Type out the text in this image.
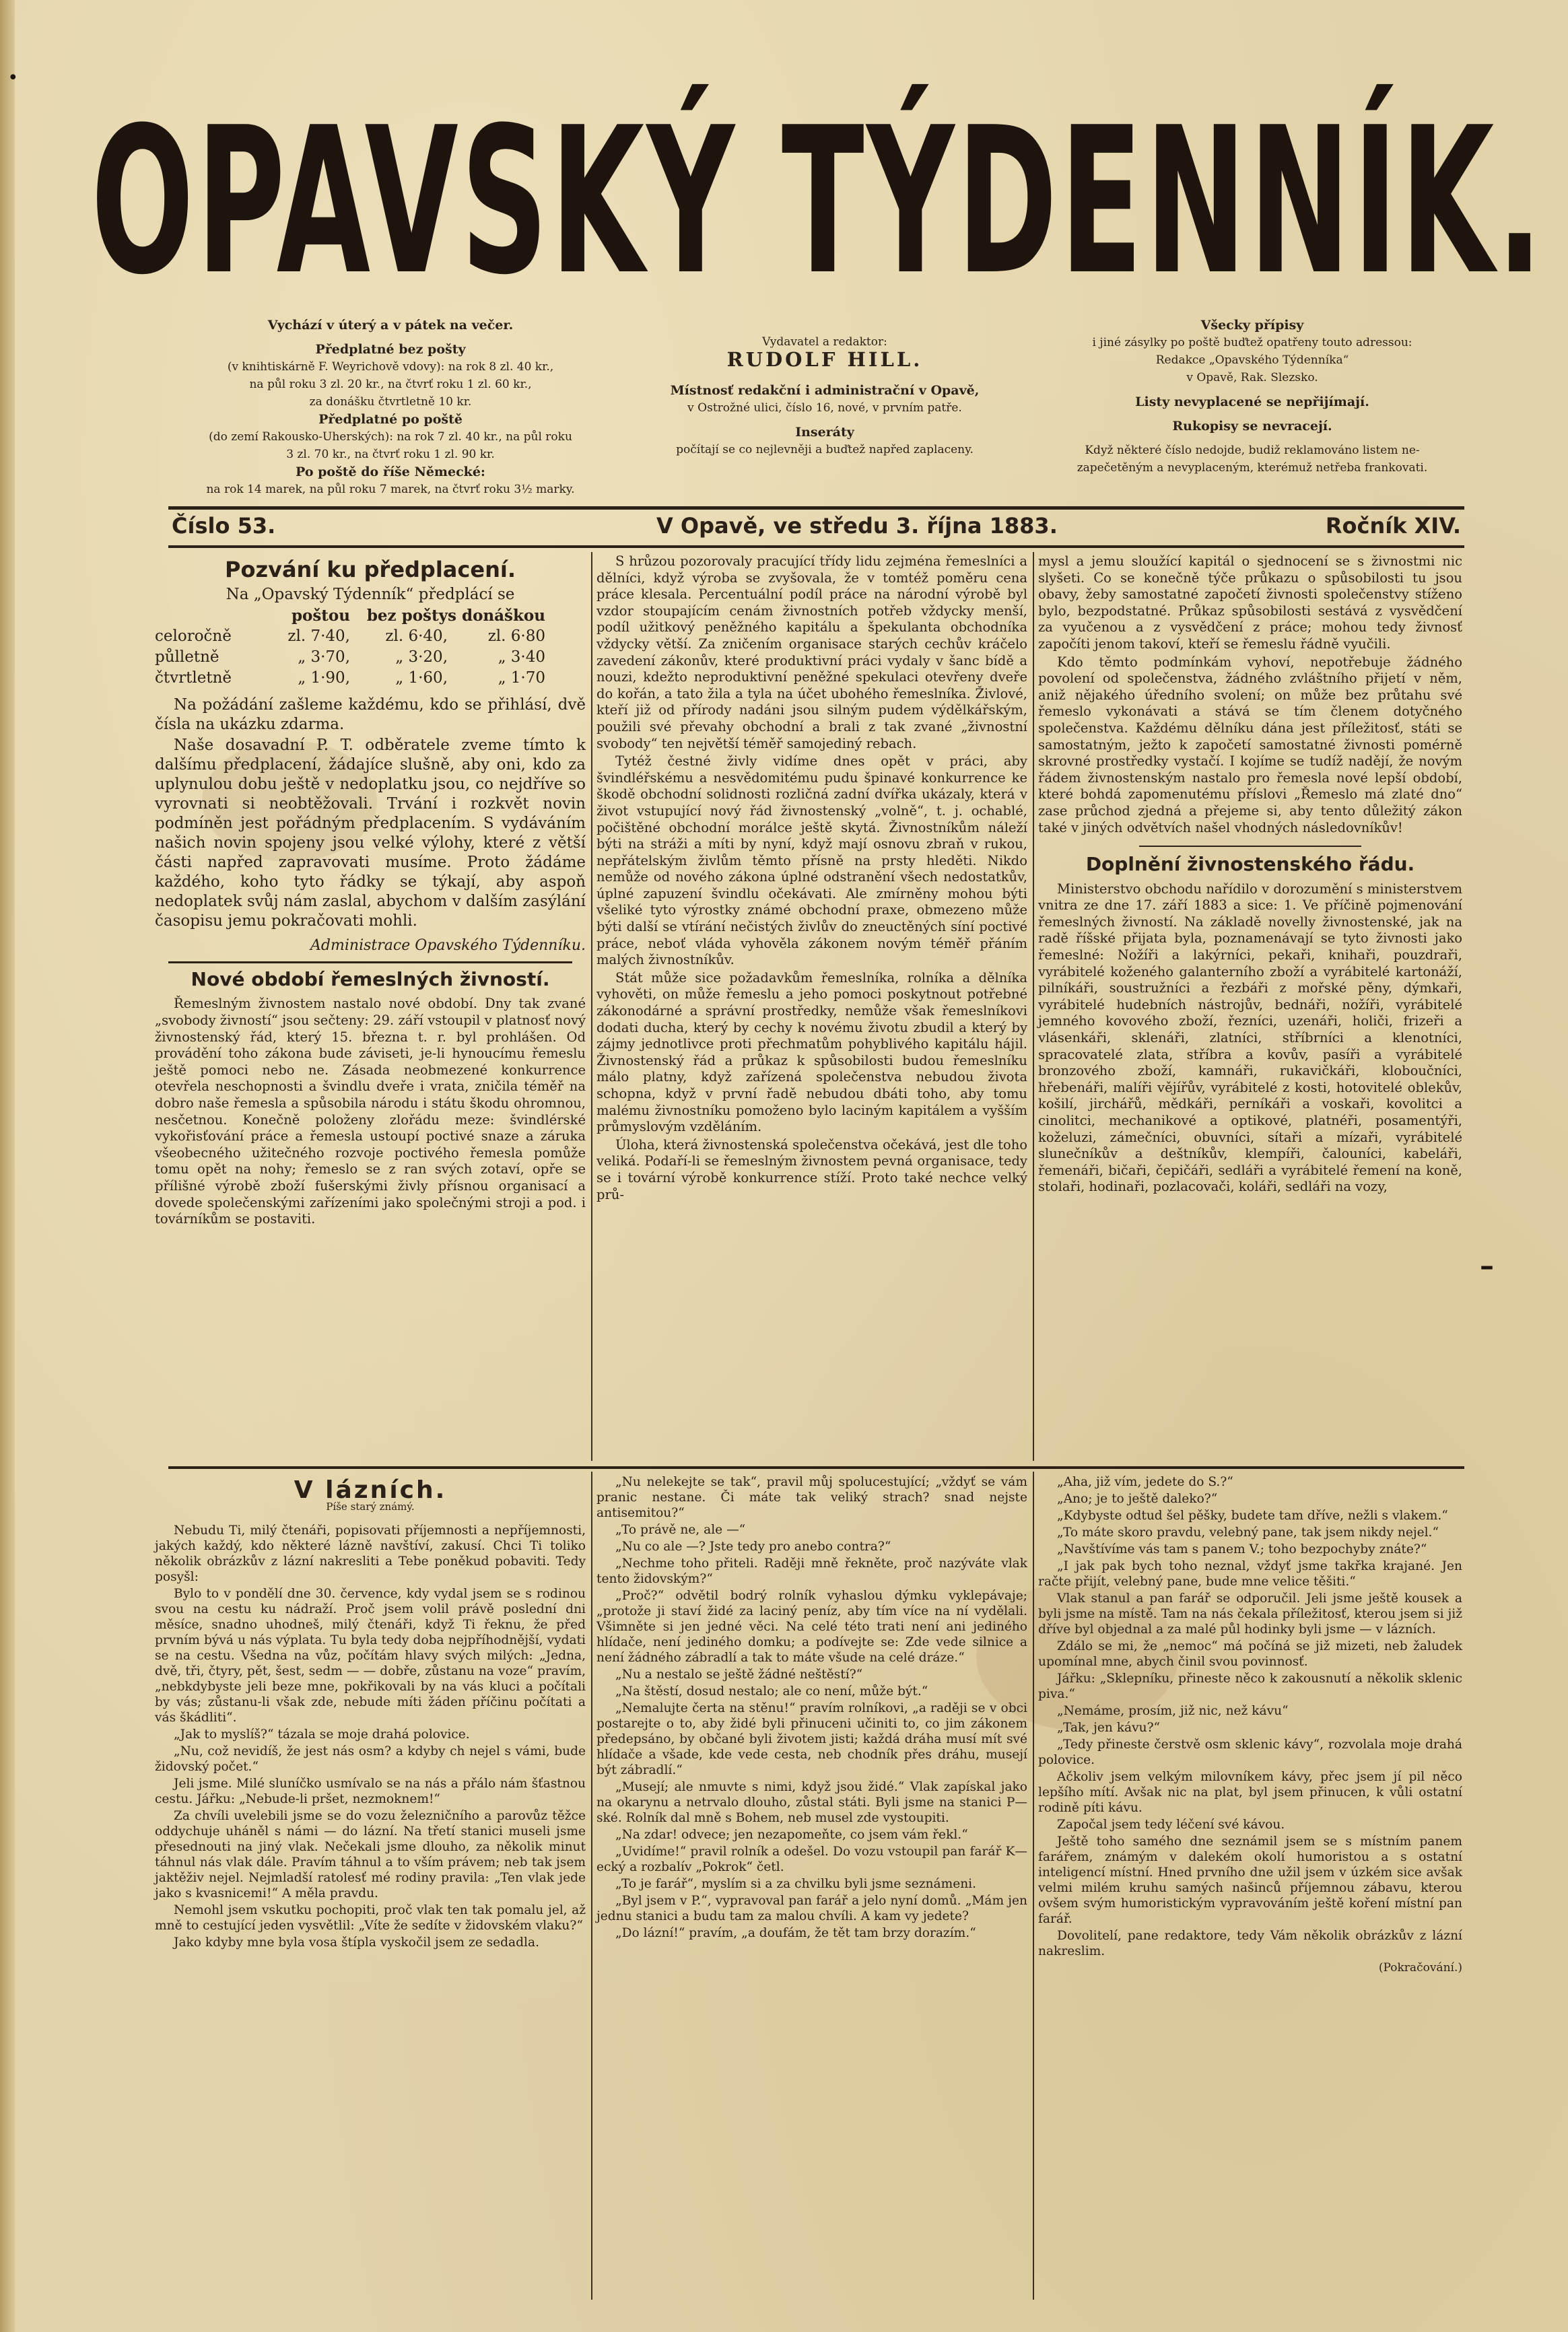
·
–
OPAVSKÝ TÝDENNÍK.
Vychází v úterý a v pátek na večer.
Předplatné bez pošty
(v knihtiskárně F. Weyrichově vdovy): na rok 8 zl. 40 kr.,
na půl roku 3 zl. 20 kr., na čtvrť roku 1 zl. 60 kr.,
za donášku čtvrtletně 10 kr.
Předplatné po poště
(do zemí Rakousko-Uherských): na rok 7 zl. 40 kr., na půl roku
3 zl. 70 kr., na čtvrť roku 1 zl. 90 kr.
Po poště do říše Německé:
na rok 14 marek, na půl roku 7 marek, na čtvrť roku 3½ marky.
Vydavatel a redaktor:
RUDOLF HILL.
Místnosť redakční i administrační v Opavě,
v Ostrožné ulici, číslo 16, nové, v prvním patře.
Inseráty
počítají se co nejlevněji a buďtež napřed zaplaceny.
Všecky přípisy
i jiné zásylky po poště buďtež opatřeny touto adressou:
Redakce „Opavského Týdenníka“
v Opavě, Rak. Slezsko.
Listy nevyplacené se nepřijímají.
Rukopisy se nevracejí.
Když některé číslo nedojde, budiž reklamováno listem ne-
zapečetěným a nevyplaceným, kterémuž netřeba frankovati.
Číslo 53.	V Opavě, ve středu 3. října 1883.	Ročník XIV.
Pozvání ku předplacení.
Na „Opavský Týdenník“ předplácí se
poštou	bez pošty s donáškou
celoročně	zl. 7·40,	zl. 6·40,	zl. 6·80
půlletně	„ 3·70,	„ 3·20,	„ 3·40
čtvrtletně	„ 1·90,	„ 1·60,	„ 1·70

Na požádání zašleme každému, kdo se přihlásí, dvě čísla na ukázku zdarma.

Naše dosavadní P. T. odběratele zveme tímto k dalšímu předplacení, žádajíce slušně, aby oni, kdo za uplynulou dobu ještě v nedoplatku jsou, co nejdříve so vyrovnati si neobtěžovali. Trvání i rozkvět novin podmíněn jest pořádným předplacením. S vydáváním našich novin spojeny jsou velké výlohy, které z větší části napřed zapravovati musíme. Proto žádáme každého, koho tyto řádky se týkají, aby aspoň nedoplatek svůj nám zaslal, abychom v dalším zasýlání časopisu jemu pokračovati mohli.

Administrace Opavského Týdenníku.
Nové období řemeslných živností.

Řemeslným živnostem nastalo nové období. Dny tak zvané „svobody živností“ jsou sečteny: 29. září vstoupil v platnosť nový živnostenský řád, který 15. března t. r. byl prohlášen. Od provádění toho zákona bude záviseti, je-li hynoucímu řemeslu ještě pomoci nebo ne. Zásada neobmezené konkurrence otevřela neschopnosti a švindlu dveře i vrata, zničila téměř na dobro naše řemesla a spůsobila národu i státu škodu ohromnou, nesčetnou. Konečně položeny zlořádu meze: švindlérské vykořisťování práce a řemesla ustoupí poctivé snaze a záruka všeobecného užitečného rozvoje poctivého řemesla pomůže tomu opět na nohy; řemeslo se z ran svých zotaví, opře se přílišné výrobě zboží fušerskými živly přísnou organisací a dovede společenskými zařízeními jako společnými stroji a pod. i továrníkům se postaviti.

S hrůzou pozorovaly pracující třídy lidu zejména řemeslníci a dělníci, když výroba se zvyšovala, že v tomtéž poměru cena práce klesala. Percentuální podíl práce na národní výrobě byl vzdor stoupajícím cenám živnostních potřeb vždycky menší, podíl užitkový peněžného kapitálu a špekulanta obchodníka vždycky větší. Za zničením organisace starých cechův kráčelo zavedení zákonův, které produktivní práci vydaly v šanc bídě a nouzi, kdežto neproduktivní peněžné spekulaci otevřeny dveře do kořán, a tato žila a tyla na účet ubohého řemeslníka. Živlové, kteří již od přírody nadáni jsou silným pudem výdělkářským, použili své převahy obchodní a brali z tak zvané „živnostní svobody“ ten největší téměř samojediný rebach.

Tytéž čestné živly vidíme dnes opět v práci, aby švindléřskému a nesvědomitému pudu špinavé konkurrence ke škodě obchodní solidnosti rozličná zadní dvířka ukázaly, která v život vstupující nový řád živnostenský „volně“, t. j. ochablé, počištěné obchodní morálce ještě skytá. Živnostníkům náleží býti na stráži a míti by nyní, když mají osnovu zbraň v rukou, nepřátelským živlům těmto přísně na prsty hleděti. Nikdo nemůže od nového zákona úplné odstranění všech nedostatkův, úplné zapuzení švindlu očekávati. Ale zmírněny mohou býti všeliké tyto výrostky známé obchodní praxe, obmezeno může býti další se vtírání nečistých živlův do zneuctěných síní poctivé práce, neboť vláda vyhověla zákonem novým téměř přáním malých živnostníkův.

Stát může sice požadavkům řemeslníka, rolníka a dělníka vyhověti, on může řemeslu a jeho pomoci poskytnout potřebné zákonodárné a správní prostředky, nemůže však řemeslníkovi dodati ducha, který by cechy k novému životu zbudil a který by zájmy jednotlivce proti přechmatům pohyblivého kapitálu hájil. Živnostenský řád a průkaz k spůsobilosti budou řemeslníku málo platny, když zařízená společenstva nebudou života schopna, když v první řadě nebudou dbáti toho, aby tomu malému živnostníku pomoženo bylo laciným kapitálem a vyšším průmyslovým vzděláním.

Úloha, která živnostenská společenstva očekává, jest dle toho veliká. Podaří-li se řemeslným živnostem pevná organisace, tedy se i tovární výrobě konkurrence stíží. Proto také nechce velký prů-

mysl a jemu sloužící kapitál o sjednocení se s živnostmi nic slyšeti. Co se konečně týče průkazu o spůsobilosti tu jsou obavy, žeby samostatné započetí živnosti společenstvy stíženo bylo, bezpodstatné. Průkaz spůsobilosti sestává z vysvědčení za vyučenou a z vysvědčení z práce; mohou tedy živnosť započíti jenom takoví, kteří se řemeslu řádně vyučili.

Kdo těmto podmínkám vyhoví, nepotřebuje žádného povolení od společenstva, žádného zvláštního přijetí v něm, aniž nějakého úředního svolení; on může bez průtahu své řemeslo vykonávati a stává se tím členem dotyčného společenstva. Každému dělníku dána jest příležitosť, státi se samostatným, ježto k započetí samostatné živnosti pomérně skrovné prostředky vystačí. I kojíme se tudíž nadějí, že novým řádem živnostenským nastalo pro řemesla nové lepší období, které bohdá zapomenutému příslovi „Řemeslo má zlaté dno“ zase průchod zjedná a přejeme si, aby tento důležitý zákon také v jiných odvětvích našel vhodných následovníkův!

Doplnění živnostenského řádu.

Ministerstvo obchodu nařídilo v dorozumění s ministerstvem vnitra ze dne 17. září 1883 a sice: 1. Ve příčině pojmenování řemeslných živností. Na základě novelly živnostenské, jak na radě říšské přijata byla, poznamenávají se tyto živnosti jako řemeslné: Nožíři a lakýrníci, pekaři, knihaři, pouzdraři, vyrábitelé koženého galanterního zboží a vyrábitelé kartonáží, pilníkáři, soustružníci a řezbáři z mořské pěny, dýmkaři, vyrábitelé hudebních nástrojův, bednáři, nožíři, vyrábitelé jemného kovového zboží, řezníci, uzenáři, holiči, frizeři a vlásenkáři, sklenáři, zlatníci, stříbrníci a klenotníci, spracovatelé zlata, stříbra a kovův, pasíři a vyrábitelé bronzového zboží, kamnáři, rukavičkáři, kloboučníci, hřebenáři, malíři vějířův, vyrábitelé z kosti, hotovitelé oblekův, košilí, jirchářů, mědkáři, perníkáři a voskaři, kovolitci a cinolitci, mechanikové a optikové, platnéři, posamentýři, koželuzi, zámečníci, obuvníci, sítaři a mízaři, vyrábitelé slunečníkův a deštníkův, klempíři, čalouníci, kabeláři, řemenáři, bičaři, čepičáři, sedláři a vyrábitelé řemení na koně, stolaři, hodinaři, pozlacovači, koláři, sedláři na vozy,

V lázních.
Píše starý známý.

Nebudu Ti, milý čtenáři, popisovati příjemnosti a nepříjemnosti, jakých každý, kdo některé lázně navštíví, zakusí. Chci Ti toliko několik obrázkův z lázní nakresliti a Tebe poněkud pobaviti. Tedy posyšl:

Bylo to v pondělí dne 30. července, kdy vydal jsem se s rodinou svou na cestu ku nádraží. Proč jsem volil právě poslední dni měsíce, snadno uhodneš, milý čtenáři, když Ti řeknu, že před prvním bývá u nás výplata. Tu byla tedy doba nejpříhodnější, vydati se na cestu. Všedna na vůz, počítám hlavy svých milých: „Jedna, dvě, tři, čtyry, pět, šest, sedm — — dobře, zůstanu na voze“ pravím, „nebkdybyste jeli beze mne, pokřikovali by na vás kluci a počítali by vás; zůstanu-li však zde, nebude míti žáden příčinu počítati a vás škádliti“.

„Jak to myslíš?“ tázala se moje drahá polovice.

„Nu, což nevidíš, že jest nás osm? a kdyby ch nejel s vámi, bude židovský počet.“

Jeli jsme. Milé sluníčko usmívalo se na nás a přálo nám šťastnou cestu. Jářku: „Nebude-li pršet, nezmoknem!“

Za chvíli uvelebili jsme se do vozu železničního a parovůz těžce oddychuje uháněl s námi — do lázní. Na třetí stanici museli jsme přesednouti na jiný vlak. Nečekali jsme dlouho, za několik minut táhnul nás vlak dále. Pravím táhnul a to vším právem; neb tak jsem jaktěživ nejel. Nejmladší ratolesť mé rodiny pravila: „Ten vlak jede jako s kvasnicemi!“ A měla pravdu.

Nemohl jsem vskutku pochopiti, proč vlak ten tak pomalu jel, až mně to cestující jeden vysvětlil: „Víte že sedíte v židovském vlaku?“

Jako kdyby mne byla vosa štípla vyskočil jsem ze sedadla.

„Nu nelekejte se tak“, pravil můj spolucestující; „vždyť se vám pranic nestane. Či máte tak veliký strach? snad nejste antisemitou?“

„To právě ne, ale —“

„Nu co ale —? Jste tedy pro anebo contra?“

„Nechme toho přiteli. Raději mně řekněte, proč nazýváte vlak tento židovským?“

„Proč?“ odvětil bodrý rolník vyhaslou dýmku vyklepávaje; „protože ji staví židé za laciný peníz, aby tím více na ní vydělali. Všimněte si jen jedné věci. Na celé této trati není ani jediného hlídače, není jediného domku; a podívejte se: Zde vede silnice a není žádného zábradlí a tak to máte všude na celé dráze.“

„Nu a nestalo se ještě žádné neštěstí?“

„Na štěstí, dosud nestalo; ale co není, může být.“

„Nemalujte čerta na stěnu!“ pravím rolníkovi, „a raději se v obci postarejte o to, aby židé byli přinuceni učiniti to, co jim zákonem předepsáno, by občané byli životem jisti; každá dráha musí mít své hlídače a všade, kde vede cesta, neb chodník přes dráhu, musejí být zábradlí.“

„Musejí; ale nmuvte s nimi, když jsou židé.“ Vlak zapískal jako na okarynu a netrvalo dlouho, zůstal státi. Byli jsme na stanici P—ské. Rolník dal mně s Bohem, neb musel zde vystoupiti.

„Na zdar! odvece; jen nezapomeňte, co jsem vám řekl.“

„Uvidíme!“ pravil rolník a odešel. Do vozu vstoupil pan farář K—ecký a rozbalív „Pokrok“ četl.

„To je farář“, myslím si a za chvilku byli jsme seznámeni.

„Byl jsem v P.“, vypravoval pan farář a jelo nyní domů. „Mám jen jednu stanici a budu tam za malou chvíli. A kam vy jedete?

„Do lázní!“ pravím, „a doufám, že tět tam brzy dorazím.“

„Aha, již vím, jedete do S.?“

„Ano; je to ještě daleko?“

„Kdybyste odtud šel pěšky, budete tam dříve, nežli s vlakem.“

„To máte skoro pravdu, velebný pane, tak jsem nikdy nejel.“

„Navštívíme vás tam s panem V.; toho bezpochyby znáte?“

„I jak pak bych toho neznal, vždyť jsme takřka krajané. Jen račte přijít, velebný pane, bude mne velice těšiti.“

Vlak stanul a pan farář se odporučil. Jeli jsme ještě kousek a byli jsme na místě. Tam na nás čekala příležitosť, kterou jsem si již dříve byl objednal a za malé půl hodinky byli jsme — v lázních.

Zdálo se mi, že „nemoc“ má počíná se již mizeti, neb žaludek upomínal mne, abych činil svou povinnosť.

Jářku: „Sklepníku, přineste něco k zakousnutí a několik sklenic piva.“

„Nemáme, prosím, již nic, než kávu“

„Tak, jen kávu?“

„Tedy přineste čerstvě osm sklenic kávy“, rozvolala moje drahá polovice.

Ačkoliv jsem velkým milovníkem kávy, přec jsem jí pil něco lepšího mítí. Avšak nic na plat, byl jsem přinucen, k vůli ostatní rodině píti kávu.

Započal jsem tedy léčení své kávou.

Ještě toho samého dne seznámil jsem se s místním panem farářem, známým v dalekém okolí humoristou a s ostatní inteligencí místní. Hned prvního dne užil jsem v úzkém sice avšak velmi milém kruhu samých našinců příjemnou zábavu, kterou ovšem svým humoristickým vypravováním ještě koření místní pan farář.

Dovolitelí, pane redaktore, tedy Vám několik obrázkův z lázní nakreslim.

(Pokračování.)
